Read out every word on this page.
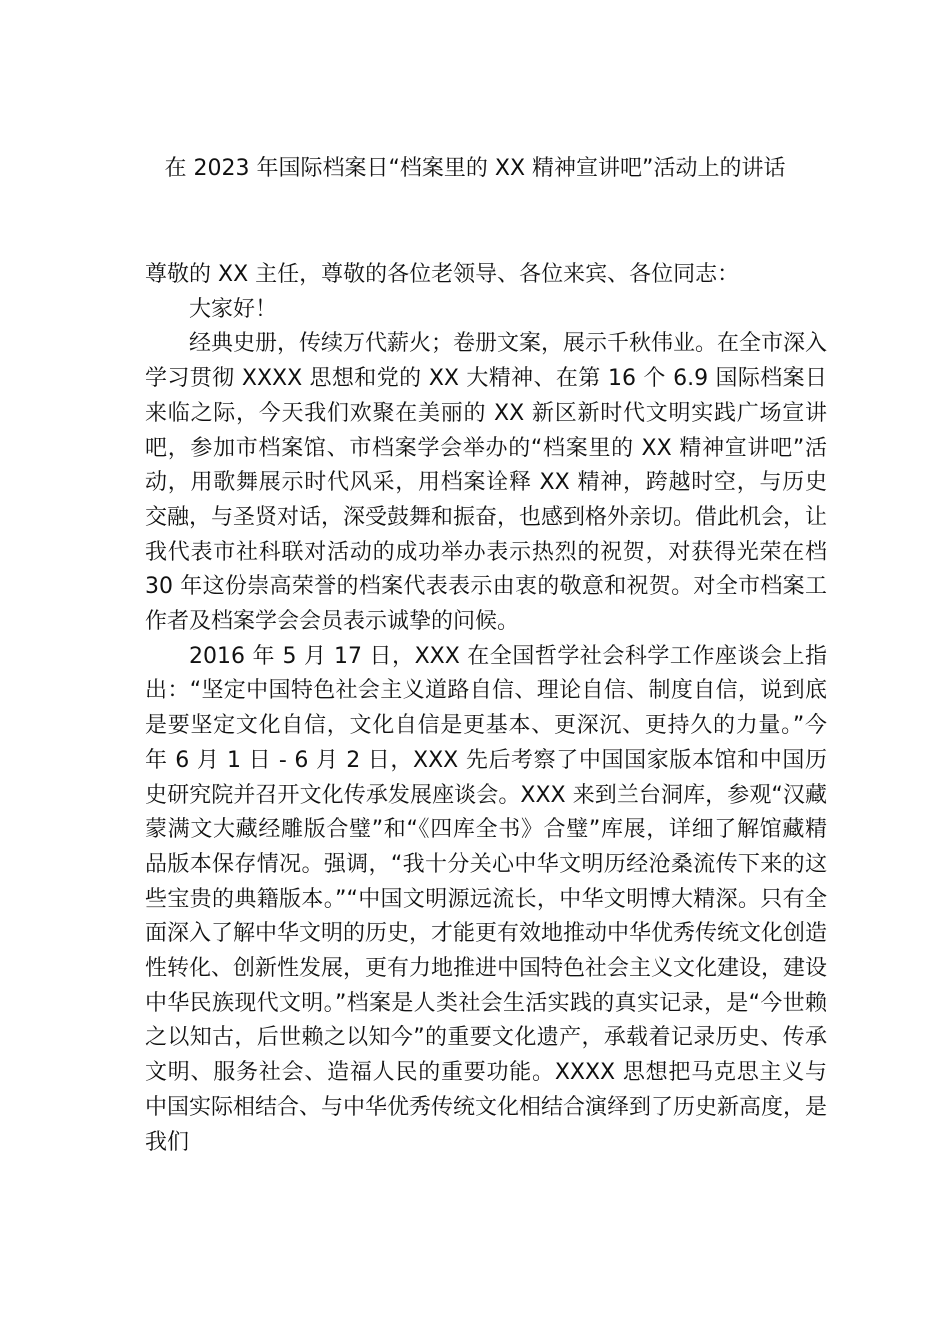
在 2023 年国际档案日“档案里的 XX 精神宣讲吧”活动上的讲话

尊敬的 XX 主任，尊敬的各位老领导、各位来宾、各位同志：

大家好！

经典史册，传续万代薪火；卷册文案，展示千秋伟业。在全市深入学习贯彻 XXXX 思想和党的 XX 大精神、在第 16 个 6.9 国际档案日来临之际，今天我们欢聚在美丽的 XX 新区新时代文明实践广场宣讲吧，参加市档案馆、市档案学会举办的“档案里的 XX 精神宣讲吧”活动，用歌舞展示时代风采，用档案诠释 XX 精神，跨越时空，与历史交融，与圣贤对话，深受鼓舞和振奋，也感到格外亲切。借此机会，让我代表市社科联对活动的成功举办表示热烈的祝贺，对获得光荣在档 30 年这份崇高荣誉的档案代表表示由衷的敬意和祝贺。对全市档案工作者及档案学会会员表示诚挚的问候。

2016 年 5 月 17 日，XXX 在全国哲学社会科学工作座谈会上指出：“坚定中国特色社会主义道路自信、理论自信、制度自信，说到底是要坚定文化自信，文化自信是更基本、更深沉、更持久的力量。”今年 6 月 1 日 - 6 月 2 日，XXX 先后考察了中国国家版本馆和中国历史研究院并召开文化传承发展座谈会。XXX 来到兰台洞库，参观“汉藏蒙满文大藏经雕版合璧”和“《四库全书》合璧”库展，详细了解馆藏精品版本保存情况。强调，“我十分关心中华文明历经沧桑流传下来的这些宝贵的典籍版本。”“中国文明源远流长，中华文明博大精深。只有全面深入了解中华文明的历史，才能更有效地推动中华优秀传统文化创造性转化、创新性发展，更有力地推进中国特色社会主义文化建设，建设中华民族现代文明。”档案是人类社会生活实践的真实记录，是“今世赖之以知古，后世赖之以知今”的重要文化遗产，承载着记录历史、传承文明、服务社会、造福人民的重要功能。XXXX 思想把马克思主义与中国实际相结合、与中华优秀传统文化相结合演绎到了历史新高度，是我们
